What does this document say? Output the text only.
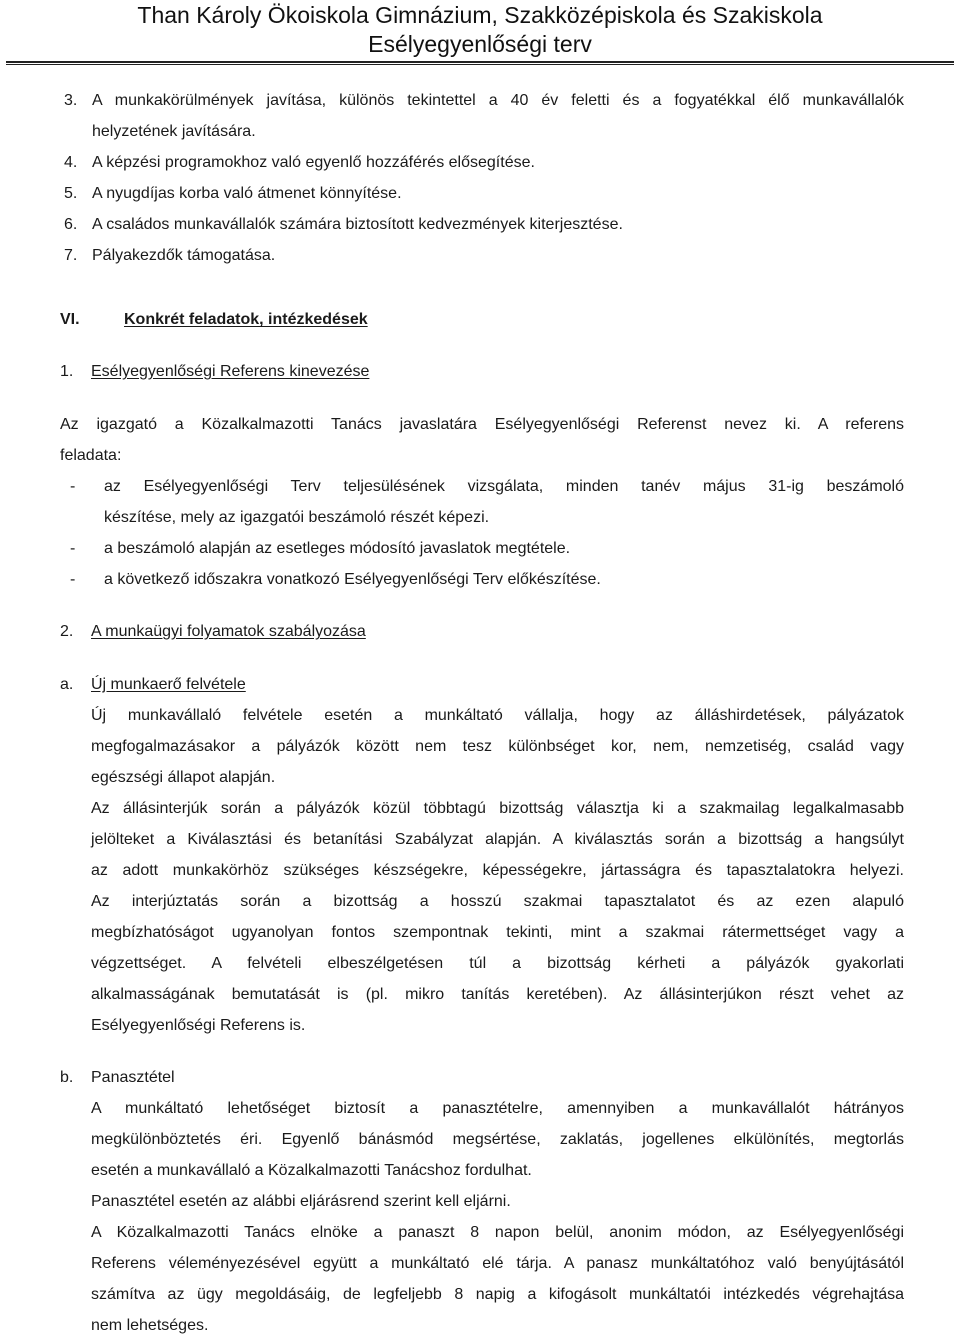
Than Károly Ökoiskola Gimnázium, Szakközépiskola és Szakiskola
Esélyegyenlőségi terv
3. A munkakörülmények javítása, különös tekintettel a 40 év feletti és a fogyatékkal élő munkavállalók
helyzetének javítására.
4. A képzési programokhoz való egyenlő hozzáférés elősegítése.
5. A nyugdíjas korba való átmenet könnyítése.
6. A családos munkavállalók számára biztosított kedvezmények kiterjesztése.
7. Pályakezdők támogatása.
VI.	Konkrét feladatok, intézkedések
1. Esélyegyenlőségi Referens kinevezése
Az igazgató a Közalkalmazotti Tanács javaslatára Esélyegyenlőségi Referenst nevez ki. A referens
feladata:
- az Esélyegyenlőségi Terv teljesülésének vizsgálata, minden tanév május 31-ig beszámoló
készítése, mely az igazgatói beszámoló részét képezi.
- a beszámoló alapján az esetleges módosító javaslatok megtétele.
- a következő időszakra vonatkozó Esélyegyenlőségi Terv előkészítése.
2. A munkaügyi folyamatok szabályozása
a. Új munkaerő felvétele
Új munkavállaló felvétele esetén a munkáltató vállalja, hogy az álláshirdetések, pályázatok
megfogalmazásakor a pályázók között nem tesz különbséget kor, nem, nemzetiség, család vagy
egészségi állapot alapján.
Az állásinterjúk során a pályázók közül többtagú bizottság választja ki a szakmailag legalkalmasabb
jelölteket a Kiválasztási és betanítási Szabályzat alapján. A kiválasztás során a bizottság a hangsúlyt
az adott munkakörhöz szükséges készségekre, képességekre, jártasságra és tapasztalatokra helyezi.
Az interjúztatás során a bizottság a hosszú szakmai tapasztalatot és az ezen alapuló
megbízhatóságot ugyanolyan fontos szempontnak tekinti, mint a szakmai rátermettséget vagy a
végzettséget. A felvételi elbeszélgetésen túl a bizottság kérheti a pályázók gyakorlati
alkalmasságának bemutatását is (pl. mikro tanítás keretében). Az állásinterjúkon részt vehet az
Esélyegyenlőségi Referens is.
b. Panasztétel
A munkáltató lehetőséget biztosít a panasztételre, amennyiben a munkavállalót hátrányos
megkülönböztetés éri. Egyenlő bánásmód megsértése, zaklatás, jogellenes elkülönítés, megtorlás
esetén a munkavállaló a Közalkalmazotti Tanácshoz fordulhat.
Panasztétel esetén az alábbi eljárásrend szerint kell eljárni.
A Közalkalmazotti Tanács elnöke a panaszt 8 napon belül, anonim módon, az Esélyegyenlőségi
Referens véleményezésével együtt a munkáltató elé tárja. A panasz munkáltatóhoz való benyújtásától
számítva az ügy megoldásáig, de legfeljebb 8 napig a kifogásolt munkáltatói intézkedés végrehajtása
nem lehetséges.
